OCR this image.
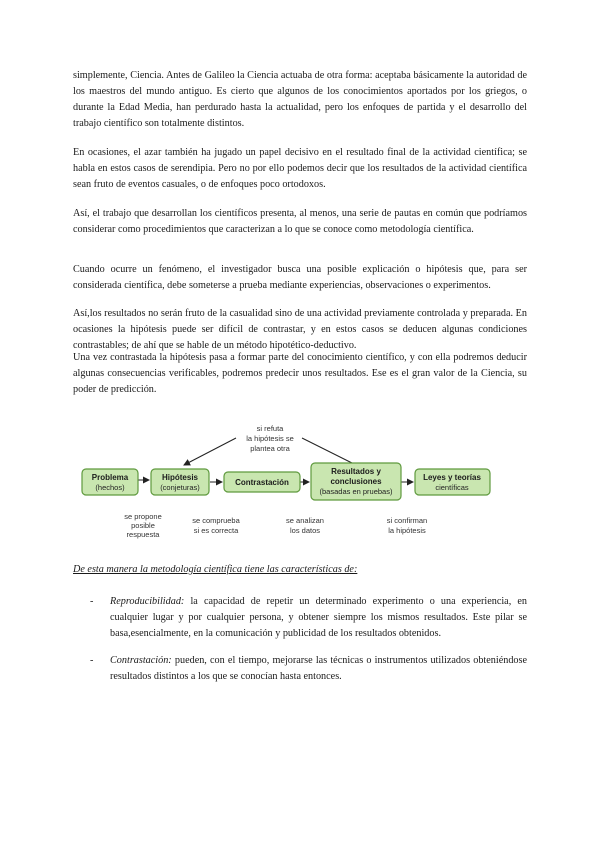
simplemente, Ciencia. Antes de Galileo la Ciencia actuaba de otra forma: aceptaba básicamente la autoridad de los maestros del mundo antiguo. Es cierto que algunos de los conocimientos aportados por los griegos, o durante la Edad Media, han perdurado hasta la actualidad, pero los enfoques de partida y el desarrollo del trabajo científico son totalmente distintos.

En ocasiones, el azar también ha jugado un papel decisivo en el resultado final de la actividad científica; se habla en estos casos de serendipia. Pero no por ello podemos decir que los resultados de la actividad científica sean fruto de eventos casuales, o de enfoques poco ortodoxos.

Así, el trabajo que desarrollan los científicos presenta, al menos, una serie de pautas en común que podríamos considerar como procedimientos que caracterizan a lo que se conoce como metodología científica.

Cuando ocurre un fenómeno, el investigador busca una posible explicación o hipótesis que, para ser considerada científica, debe someterse a prueba mediante experiencias, observaciones o experimentos.

Así,los resultados no serán fruto de la casualidad sino de una actividad previamente controlada y preparada. En ocasiones la hipótesis puede ser difícil de contrastar, y en estos casos se deducen algunas condiciones contrastables; de ahí que se hable de un método hipotético-deductivo.

Una vez contrastada la hipótesis pasa a formar parte del conocimiento científico, y con ella podremos deducir algunas consecuencias verificables, podremos predecir unos resultados. Ese es el gran valor de la Ciencia, su poder de predicción.

Problema
(hechos)
Hipótesis
(conjeturas)
Contrastación
Resultados y
conclusiones
(basadas en pruebas)
Leyes y teorías
científicas
si refuta
la hipótesis se
plantea otra
se propone
posible
respuesta
se comprueba
si es correcta
se analizan
los datos
si confirman
la hipótesis

De esta manera la metodología científica tiene las características de:

- Reproducibilidad: la capacidad de repetir un determinado experimento o una experiencia, en cualquier lugar y por cualquier persona, y obtener siempre los mismos resultados. Este pilar se basa,esencialmente, en la comunicación y publicidad de los resultados obtenidos.

- Contrastación: pueden, con el tiempo, mejorarse las técnicas o instrumentos utilizados obteniéndose resultados distintos a los que se conocían hasta entonces.
